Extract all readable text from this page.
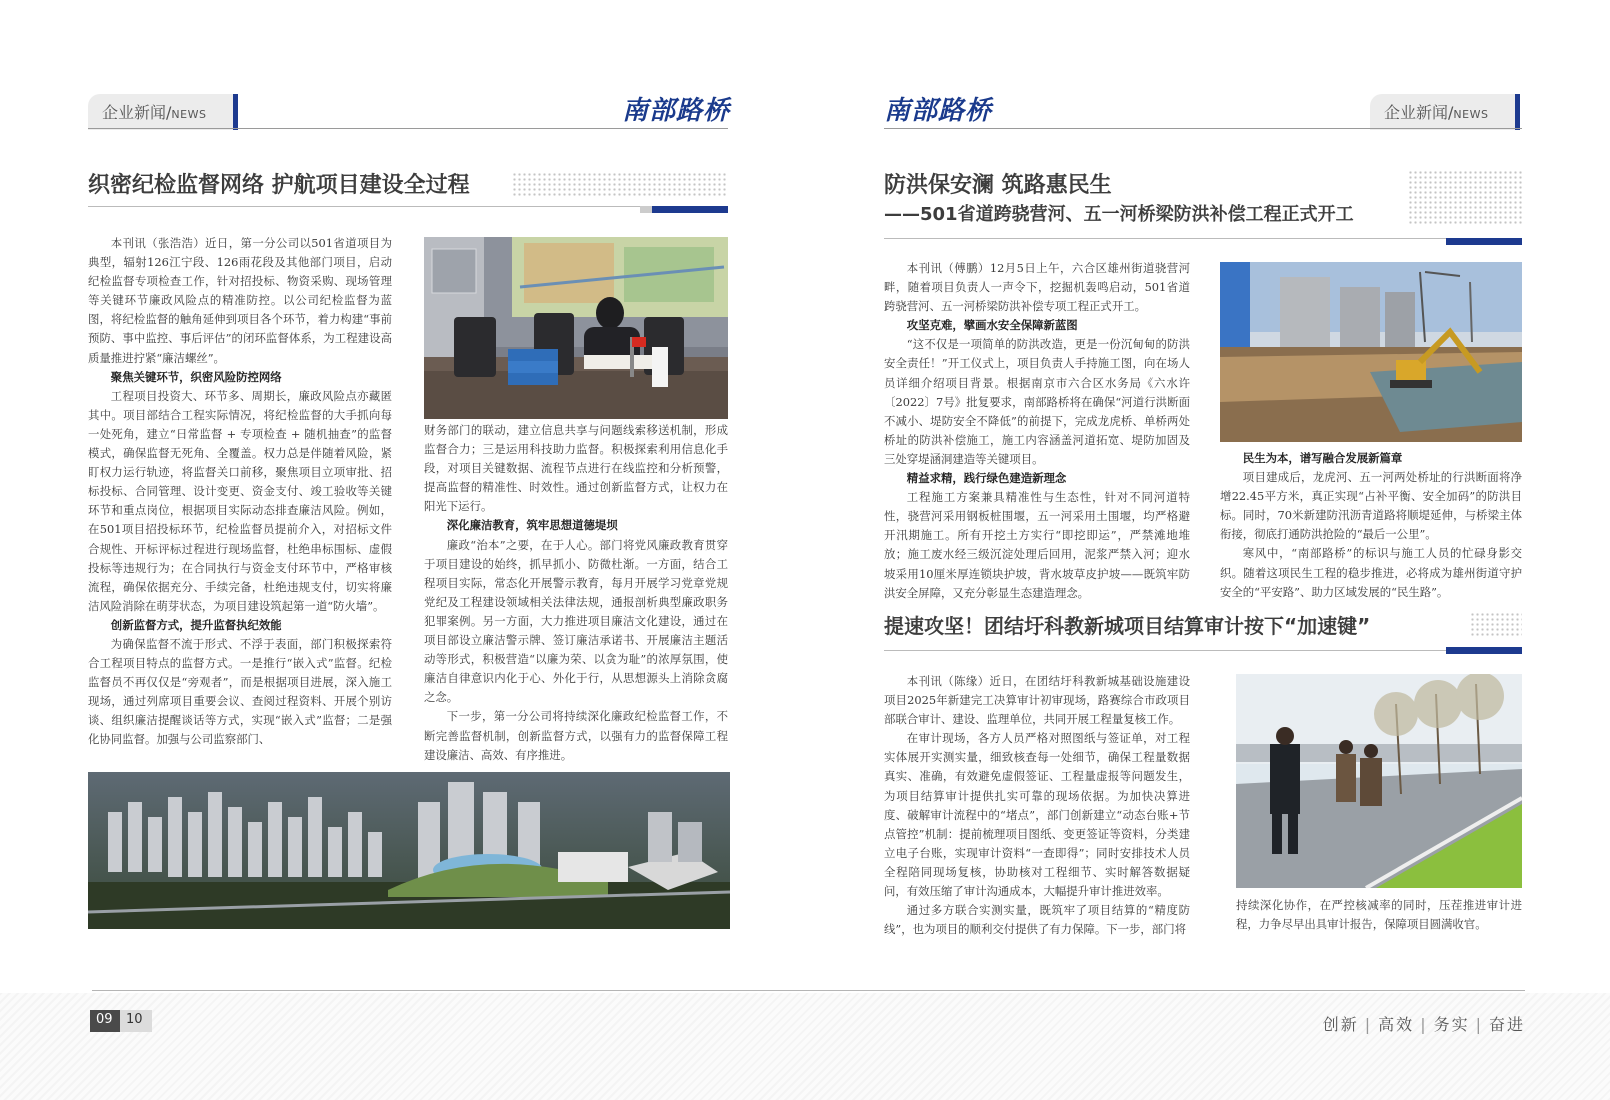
企业新闻/NEWS	南部路桥
织密纪检监督网络 护航项目建设全过程

本刊讯（张浩浩）近日，第一分公司以501省道项目为典型，辐射126江宁段、126雨花段及其他部门项目，启动纪检监督专项检查工作，针对招投标、物资采购、现场管理等关键环节廉政风险点的精准防控。以公司纪检监督为蓝图，将纪检监督的触角延伸到项目各个环节，着力构建“事前预防、事中监控、事后评估”的闭环监督体系，为工程建设高质量推进拧紧“廉洁螺丝”。

聚焦关键环节，织密风险防控网络

工程项目投资大、环节多、周期长，廉政风险点亦藏匿其中。项目部结合工程实际情况，将纪检监督的大手抓向每一处死角，建立“日常监督 + 专项检查 + 随机抽查”的监督模式，确保监督无死角、全覆盖。权力总是伴随着风险，紧盯权力运行轨迹，将监督关口前移，聚焦项目立项审批、招标投标、合同管理、设计变更、资金支付、竣工验收等关键环节和重点岗位，根据项目实际动态排查廉洁风险。例如，在501项目招投标环节，纪检监督员提前介入，对招标文件合规性、开标评标过程进行现场监督，杜绝串标围标、虚假投标等违规行为；在合同执行与资金支付环节中，严格审核流程，确保依据充分、手续完备，杜绝违规支付，切实将廉洁风险消除在萌芽状态，为项目建设筑起第一道“防火墙”。

创新监督方式，提升监督执纪效能

为确保监督不流于形式、不浮于表面，部门积极探索符合工程项目特点的监督方式。一是推行“嵌入式”监督。纪检监督员不再仅仅是“旁观者”，而是根据项目进展，深入施工现场，通过列席项目重要会议、查阅过程资料、开展个别访谈、组织廉洁提醒谈话等方式，实现“嵌入式”监督；二是强化协同监督。加强与公司监察部门、

财务部门的联动，建立信息共享与问题线索移送机制，形成监督合力；三是运用科技助力监督。积极探索利用信息化手段，对项目关键数据、流程节点进行在线监控和分析预警，提高监督的精准性、时效性。通过创新监督方式，让权力在阳光下运行。

深化廉洁教育，筑牢思想道德堤坝

廉政“治本”之要，在于人心。部门将党风廉政教育贯穿于项目建设的始终，抓早抓小、防微杜渐。一方面，结合工程项目实际，常态化开展警示教育，每月开展学习党章党规党纪及工程建设领域相关法律法规，通报剖析典型廉政职务犯罪案例。另一方面，大力推进项目廉洁文化建设，通过在项目部设立廉洁警示牌、签订廉洁承诺书、开展廉洁主题活动等形式，积极营造“以廉为荣、以贪为耻”的浓厚氛围，使廉洁自律意识内化于心、外化于行，从思想源头上消除贪腐之念。

下一步，第一分公司将持续深化廉政纪检监督工作，不断完善监督机制，创新监督方式，以强有力的监督保障工程建设廉洁、高效、有序推进。

南部路桥	企业新闻/NEWS
防洪保安澜 筑路惠民生
——501省道跨骁营河、五一河桥梁防洪补偿工程正式开工

本刊讯（傅鹏）12月5日上午，六合区雄州街道骁营河畔，随着项目负责人一声令下，挖掘机轰鸣启动，501省道跨骁营河、五一河桥梁防洪补偿专项工程正式开工。

攻坚克难，擘画水安全保障新蓝图

“这不仅是一项简单的防洪改造，更是一份沉甸甸的防洪安全责任！”开工仪式上，项目负责人手持施工图，向在场人员详细介绍项目背景。根据南京市六合区水务局《六水许〔2022〕7号》批复要求，南部路桥将在确保“河道行洪断面不减小、堤防安全不降低”的前提下，完成龙虎桥、单桥两处桥址的防洪补偿施工，施工内容涵盖河道拓宽、堤防加固及三处穿堤涵洞建造等关键项目。

精益求精，践行绿色建造新理念

工程施工方案兼具精准性与生态性，针对不同河道特性，骁营河采用钢板桩围堰，五一河采用土围堰，均严格避开汛期施工。所有开挖土方实行“即挖即运”，严禁滩地堆放；施工废水经三级沉淀处理后回用，泥浆严禁入河；迎水坡采用10厘米厚连锁块护坡，背水坡草皮护坡——既筑牢防洪安全屏障，又充分彰显生态建造理念。

民生为本，谱写融合发展新篇章

项目建成后，龙虎河、五一河两处桥址的行洪断面将净增22.45平方米，真正实现“占补平衡、安全加码”的防洪目标。同时，70米新建防汛沥青道路将顺堤延伸，与桥梁主体衔接，彻底打通防洪抢险的“最后一公里”。

寒风中，“南部路桥”的标识与施工人员的忙碌身影交织。随着这项民生工程的稳步推进，必将成为雄州街道守护安全的“平安路”、助力区域发展的“民生路”。

提速攻坚！团结圩科教新城项目结算审计按下“加速键”

本刊讯（陈缘）近日，在团结圩科教新城基础设施建设项目2025年新建完工决算审计初审现场，路赛综合市政项目部联合审计、建设、监理单位，共同开展工程量复核工作。

在审计现场，各方人员严格对照图纸与签证单，对工程实体展开实测实量，细致核查每一处细节，确保工程量数据真实、准确，有效避免虚假签证、工程量虚报等问题发生，为项目结算审计提供扎实可靠的现场依据。为加快决算进度、破解审计流程中的“堵点”，部门创新建立“动态台账+节点管控”机制：提前梳理项目图纸、变更签证等资料，分类建立电子台账，实现审计资料“一查即得”；同时安排技术人员全程陪同现场复核，协助核对工程细节、实时解答数据疑问，有效压缩了审计沟通成本，大幅提升审计推进效率。

通过多方联合实测实量，既筑牢了项目结算的“精度防线”，也为项目的顺利交付提供了有力保障。下一步，部门将

持续深化协作，在严控核减率的同时，压茬推进审计进程，力争尽早出具审计报告，保障项目圆满收官。

09	10	创新 | 高效 | 务实 | 奋进
